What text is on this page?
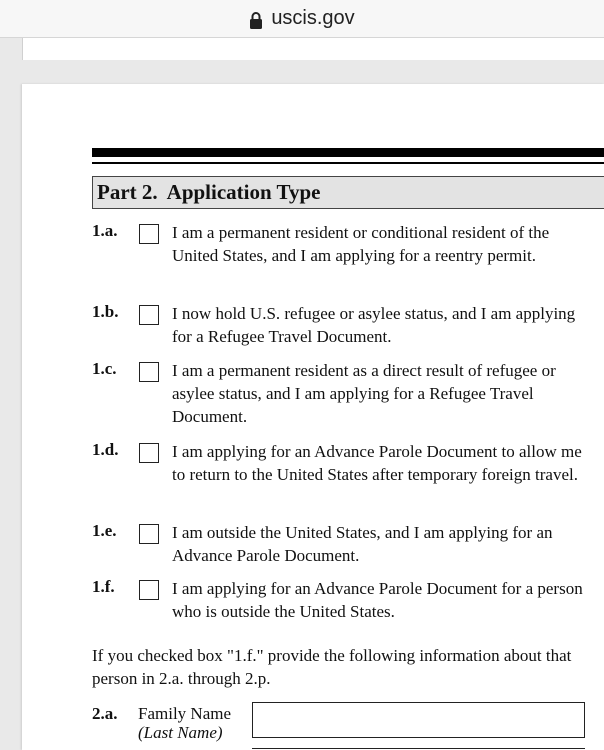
uscis.gov
Part 2. Application Type
1.a.	I am a permanent resident or conditional resident of the United States, and I am applying for a reentry permit.
1.b.	I now hold U.S. refugee or asylee status, and I am applying for a Refugee Travel Document.
1.c.	I am a permanent resident as a direct result of refugee or asylee status, and I am applying for a Refugee Travel Document.
1.d.	I am applying for an Advance Parole Document to allow me to return to the United States after temporary foreign travel.
1.e.	I am outside the United States, and I am applying for an Advance Parole Document.
1.f.	I am applying for an Advance Parole Document for a person who is outside the United States.
If you checked box "1.f." provide the following information about that person in 2.a. through 2.p.
2.a. Family Name
(Last Name)
